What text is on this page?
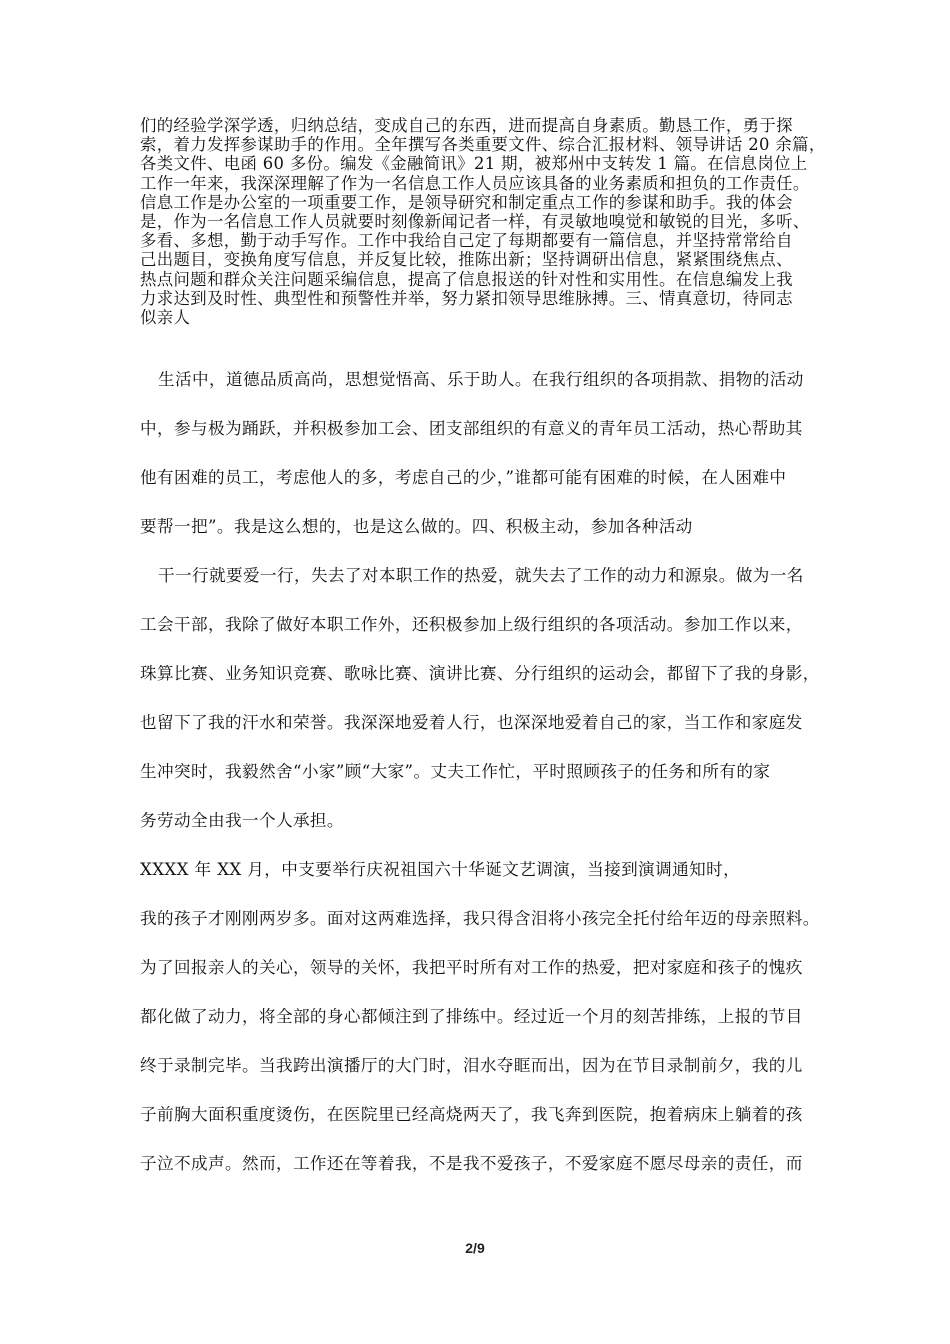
们的经验学深学透，归纳总结，变成自己的东西，进而提高自身素质。勤恳工作，勇于探
索，着力发挥参谋助手的作用。全年撰写各类重要文件、综合汇报材料、领导讲话 20 余篇，
各类文件、电函 60 多份。编发《金融简讯》21 期，被郑州中支转发 1 篇。在信息岗位上
工作一年来，我深深理解了作为一名信息工作人员应该具备的业务素质和担负的工作责任。
信息工作是办公室的一项重要工作，是领导研究和制定重点工作的参谋和助手。我的体会
是，作为一名信息工作人员就要时刻像新闻记者一样，有灵敏地嗅觉和敏锐的目光，多听、
多看、多想，勤于动手写作。工作中我给自己定了每期都要有一篇信息，并坚持常常给自
己出题目，变换角度写信息，并反复比较，推陈出新；坚持调研出信息，紧紧围绕焦点、
热点问题和群众关注问题采编信息，提高了信息报送的针对性和实用性。在信息编发上我
力求达到及时性、典型性和预警性并举，努力紧扣领导思维脉搏。三、情真意切，待同志
似亲人
生活中，道德品质高尚，思想觉悟高、乐于助人。在我行组织的各项捐款、捐物的活动
中，参与极为踊跃，并积极参加工会、团支部组织的有意义的青年员工活动，热心帮助其
他有困难的员工，考虑他人的多，考虑自己的少，”谁都可能有困难的时候，在人困难中
要帮一把”。我是这么想的，也是这么做的。四、积极主动，参加各种活动
干一行就要爱一行，失去了对本职工作的热爱，就失去了工作的动力和源泉。做为一名
工会干部，我除了做好本职工作外，还积极参加上级行组织的各项活动。参加工作以来，
珠算比赛、业务知识竞赛、歌咏比赛、演讲比赛、分行组织的运动会，都留下了我的身影，
也留下了我的汗水和荣誉。我深深地爱着人行，也深深地爱着自己的家，当工作和家庭发
生冲突时，我毅然舍“小家”顾“大家”。丈夫工作忙，平时照顾孩子的任务和所有的家
务劳动全由我一个人承担。
XXXX 年 XX 月，中支要举行庆祝祖国六十华诞文艺调演，当接到演调通知时，
我的孩子才刚刚两岁多。面对这两难选择，我只得含泪将小孩完全托付给年迈的母亲照料。
为了回报亲人的关心，领导的关怀，我把平时所有对工作的热爱，把对家庭和孩子的愧疚
都化做了动力，将全部的身心都倾注到了排练中。经过近一个月的刻苦排练，上报的节目
终于录制完毕。当我跨出演播厅的大门时，泪水夺眶而出，因为在节目录制前夕，我的儿
子前胸大面积重度烫伤，在医院里已经高烧两天了，我飞奔到医院，抱着病床上躺着的孩
子泣不成声。然而，工作还在等着我，不是我不爱孩子，不爱家庭不愿尽母亲的责任，而
2/9
